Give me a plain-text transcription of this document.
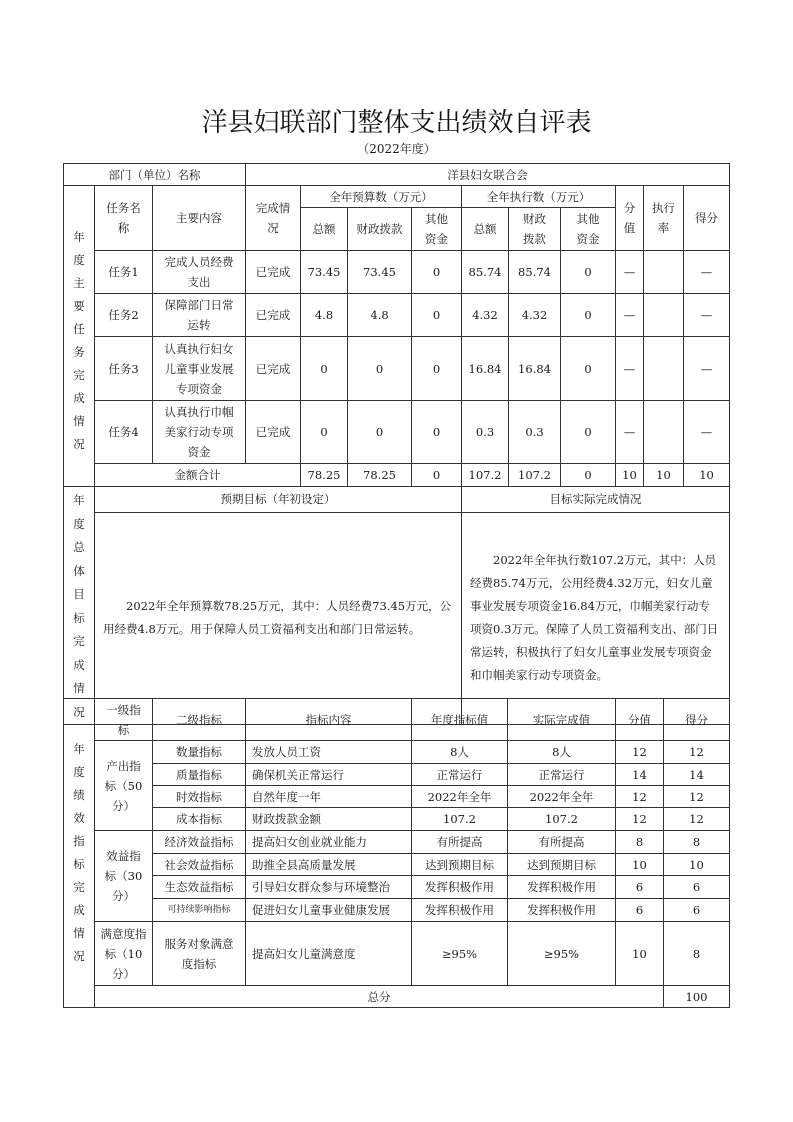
洋县妇联部门整体支出绩效自评表
（2022年度）
部门（单位）名称			洋县妇女联合会									

年度主要任务完成情况	任务名称	主要内容	完成情况	全年预算数（万元）			全年执行数（万元）			分值	执行率	得分
				总额	财政拨款	其他资金	总额	财政拨款	其他资金			
	任务1	完成人员经费支出	已完成	73.45	73.45	0	85.74	85.74	0	—		—
	任务2	保障部门日常运转	已完成	4.8	4.8	0	4.32	4.32	0	—		—
	任务3	认真执行妇女儿童事业发展专项资金	已完成	0	0	0	16.84	16.84	0	—		—
	任务4	认真执行巾帼美家行动专项资金	已完成	0	0	0	0.3	0.3	0	—		—
	金额合计			78.25	78.25	0	107.2	107.2	0	10	10	10
年度总体目标完成情况	预期目标（年初设定）	目标实际完成情况
	2022年全年预算数78.25万元，其中：人员经费73.45万元，公用经费4.8万元。用于保障人员工资福利支出和部门日常运转。	2022年全年执行数107.2万元，其中：人员经费85.74万元，公用经费4.32万元，妇女儿童事业发展专项资金16.84万元，巾帼美家行动专项资0.3万元。保障了人员工资福利支出、部门日常运转，积极执行了妇女儿童事业发展专项资金和巾帼美家行动专项资金。
年度绩效指标完成情况	一级指标	二级指标	指标内容	年度指标值	实际完成值	分值	得分	
	产出指标（50分）	数量指标	发放人员工资	8人	8人	12	12	
		质量指标	确保机关正常运行	正常运行	正常运行	14	14	
		时效指标	自然年度一年	2022年全年	2022年全年	12	12	
		成本指标	财政拨款金额	107.2	107.2	12	12	
	效益指标（30分）	经济效益指标	提高妇女创业就业能力	有所提高	有所提高	8	8	
		社会效益指标	助推全县高质量发展	达到预期目标	达到预期目标	10	10	
		生态效益指标	引导妇女群众参与环境整治	发挥积极作用	发挥积极作用	6	6	
		可持续影响指标	促进妇女儿童事业健康发展	发挥积极作用	发挥积极作用	6	6	
	满意度指标（10分）	服务对象满意度指标	提高妇女儿童满意度	≥95%	≥95%	10	8	
	总分						100	
